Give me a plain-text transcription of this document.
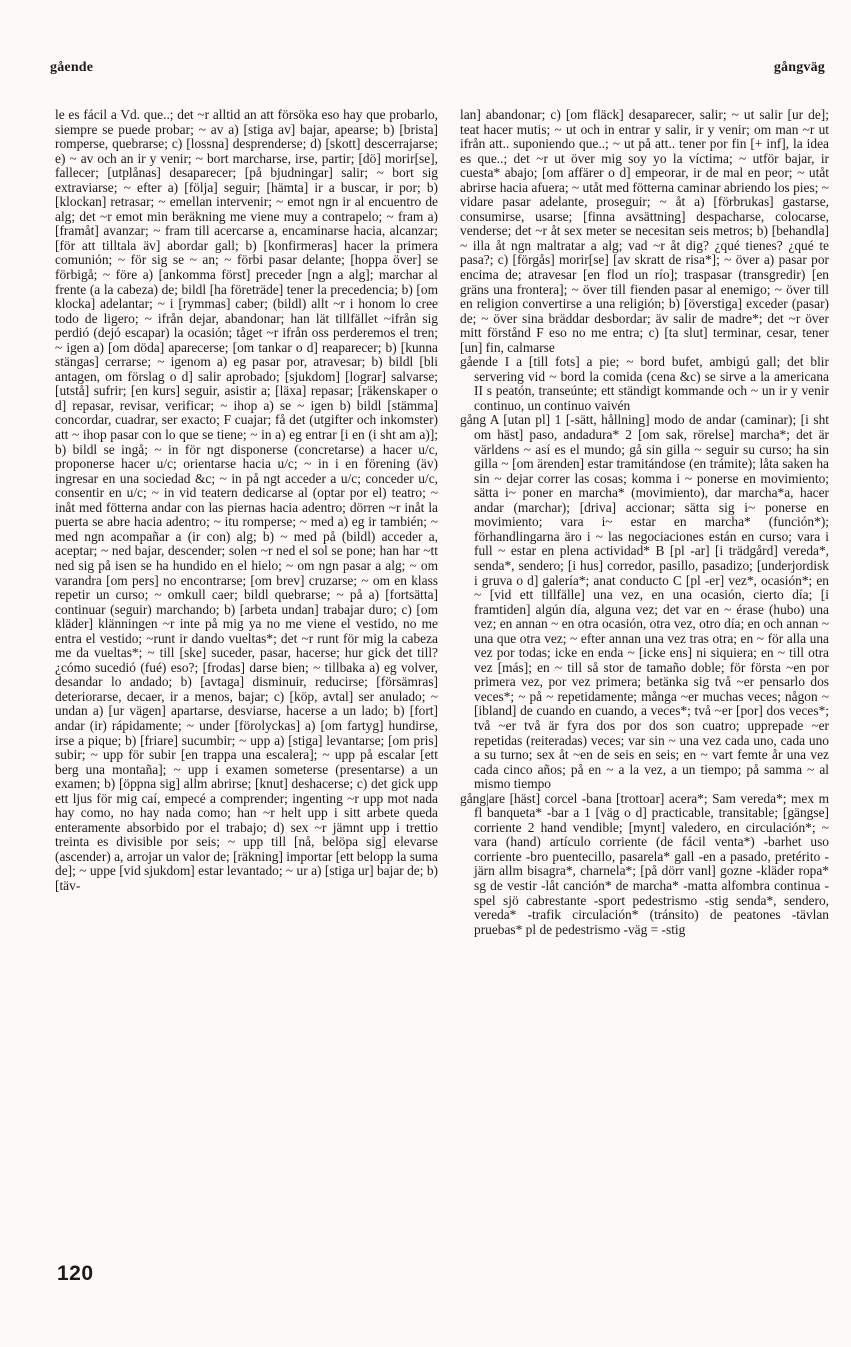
gående	gångväg

le es fácil a Vd. que..; det ~r alltid an att försöka eso hay que probarlo, siempre se puede probar; ~ av a) [stiga av] bajar, apearse; b) [brista] romperse, quebrarse; c) [lossna] desprenderse; d) [skott] descerrajarse; e) ~ av och an ir y venir; ~ bort marcharse, irse, partir; [dö] morir[se], fallecer; [utplånas] desaparecer; [på bjudningar] salir; ~ bort sig extraviarse; ~ efter a) [följa] seguir; [hämta] ir a buscar, ir por; b) [klockan] retrasar; ~ emellan intervenir; ~ emot ngn ir al encuentro de alg; det ~r emot min beräkning me viene muy a contrapelo; ~ fram a) [framåt] avanzar; ~ fram till acercarse a, encaminarse hacia, alcanzar; [för att tilltala äv] abordar gall; b) [konfirmeras] hacer la primera comunión; ~ för sig se ~ an; ~ förbi pasar delante; [hoppa över] se förbigå; ~ före a) [ankomma först] preceder [ngn a alg]; marchar al frente (a la cabeza) de; bildl [ha företräde] tener la precedencia; b) [om klocka] adelantar; ~ i [rymmas] caber; (bildl) allt ~r i honom lo cree todo de ligero; ~ ifrån dejar, abandonar; han lät tillfället ~ifrån sig perdió (dejó escapar) la ocasión; tåget ~r ifrån oss perderemos el tren; ~ igen a) [om döda] aparecerse; [om tankar o d] reaparecer; b) [kunna stängas] cerrarse; ~ igenom a) eg pasar por, atravesar; b) bildl [bli antagen, om förslag o d] salir aprobado; [sjukdom] [lograr] salvarse; [utstå] sufrir; [en kurs] seguir, asistir a; [läxa] repasar; [räkenskaper o d] repasar, revisar, verificar; ~ ihop a) se ~ igen b) bildl [stämma] concordar, cuadrar, ser exacto; F cuajar; få det (utgifter och inkomster) att ~ ihop pasar con lo que se tiene; ~ in a) eg entrar [i en (i sht am a)]; b) bildl se ingå; ~ in för ngt disponerse (concretarse) a hacer u/c, proponerse hacer u/c; orientarse hacia u/c; ~ in i en förening (äv) ingresar en una sociedad &c; ~ in på ngt acceder a u/c; conceder u/c, consentir en u/c; ~ in vid teatern dedicarse al (optar por el) teatro; ~ inåt med fötterna andar con las piernas hacia adentro; dörren ~r inåt la puerta se abre hacia adentro; ~ itu romperse; ~ med a) eg ir también; ~ med ngn acompañar a (ir con) alg; b) ~ med på (bildl) acceder a, aceptar; ~ ned bajar, descender; solen ~r ned el sol se pone; han har ~tt ned sig på isen se ha hundido en el hielo; ~ om ngn pasar a alg; ~ om varandra [om pers] no encontrarse; [om brev] cruzarse; ~ om en klass repetir un curso; ~ omkull caer; bildl quebrarse; ~ på a) [fortsätta] continuar (seguir) marchando; b) [arbeta undan] trabajar duro; c) [om kläder] klänningen ~r inte på mig ya no me viene el vestido, no me entra el vestido; ~runt ir dando vueltas*; det ~r runt för mig la cabeza me da vueltas*; ~ till [ske] suceder, pasar, hacerse; hur gick det till? ¿cómo sucedió (fué) eso?; [frodas] darse bien; ~ tillbaka a) eg volver, desandar lo andado; b) [avtaga] disminuir, reducirse; [försämras] deteriorarse, decaer, ir a menos, bajar; c) [köp, avtal] ser anulado; ~ undan a) [ur vägen] apartarse, desviarse, hacerse a un lado; b) [fort] andar (ir) rápidamente; ~ under [förolyckas] a) [om fartyg] hundirse, irse a pique; b) [friare] sucumbir; ~ upp a) [stiga] levantarse; [om pris] subir; ~ upp för subir [en trappa una escalera]; ~ upp på escalar [ett berg una montaña]; ~ upp i examen someterse (presentarse) a un examen; b) [öppna sig] allm abrirse; [knut] deshacerse; c) det gick upp ett ljus för mig caí, empecé a comprender; ingenting ~r upp mot nada hay como, no hay nada como; han ~r helt upp i sitt arbete queda enteramente absorbido por el trabajo; d) sex ~r jämnt upp i trettio treinta es divisible por seis; ~ upp till [nå, belöpa sig] elevarse (ascender) a, arrojar un valor de; [räkning] importar [ett belopp la suma de]; ~ uppe [vid sjukdom] estar levantado; ~ ur a) [stiga ur] bajar de; b) [täv-

lan] abandonar; c) [om fläck] desaparecer, salir; ~ ut salir [ur de]; teat hacer mutis; ~ ut och in entrar y salir, ir y venir; om man ~r ut ifrån att.. suponiendo que..; ~ ut på att.. tener por fin [+ inf], la idea es que..; det ~r ut över mig soy yo la víctima; ~ utför bajar, ir cuesta* abajo; [om affärer o d] empeorar, ir de mal en peor; ~ utåt abrirse hacia afuera; ~ utåt med fötterna caminar abriendo los pies; ~ vidare pasar adelante, proseguir; ~ åt a) [förbrukas] gastarse, consumirse, usarse; [finna avsättning] despacharse, colocarse, venderse; det ~r åt sex meter se necesitan seis metros; b) [behandla] ~ illa åt ngn maltratar a alg; vad ~r åt dig? ¿qué tienes? ¿qué te pasa?; c) [förgås] morir[se] [av skratt de risa*]; ~ över a) pasar por encima de; atravesar [en flod un río]; traspasar (transgredir) [en gräns una frontera]; ~ över till fienden pasar al enemigo; ~ över till en religion convertirse a una religión; b) [överstiga] exceder (pasar) de; ~ över sina bräddar desbordar; äv salir de madre*; det ~r över mitt förstånd F eso no me entra; c) [ta slut] terminar, cesar, tener [un] fin, calmarse

gående I a [till fots] a pie; ~ bord bufet, ambigú gall; det blir servering vid ~ bord la comida (cena &c) se sirve a la americana II s peatón, transeúnte; ett ständigt kommande och ~ un ir y venir continuo, un continuo vaivén

gång A [utan pl] 1 [-sätt, hållning] modo de andar (caminar); [i sht om häst] paso, andadura* 2 [om sak, rörelse] marcha*; det är världens ~ así es el mundo; gå sin gilla ~ seguir su curso; ha sin gilla ~ [om ärenden] estar tramitándose (en trámite); låta saken ha sin ~ dejar correr las cosas; komma i ~ ponerse en movimiento; sätta i~ poner en marcha* (movimiento), dar marcha*a, hacer andar (marchar); [driva] accionar; sätta sig i~ ponerse en movimiento; vara i~ estar en marcha* (función*); förhandlingarna äro i ~ las negociaciones están en curso; vara i full ~ estar en plena actividad* B [pl -ar] [i trädgård] vereda*, senda*, sendero; [i hus] corredor, pasillo, pasadizo; [underjordisk i gruva o d] galería*; anat conducto C [pl -er] vez*, ocasión*; en ~ [vid ett tillfälle] una vez, en una ocasión, cierto día; [i framtiden] algún día, alguna vez; det var en ~ érase (hubo) una vez; en annan ~ en otra ocasión, otra vez, otro día; en och annan ~ una que otra vez; ~ efter annan una vez tras otra; en ~ för alla una vez por todas; icke en enda ~ [icke ens] ni siquiera; en ~ till otra vez [más]; en ~ till så stor de tamaño doble; för första ~en por primera vez, por vez primera; betänka sig två ~er pensarlo dos veces*; ~ på ~ repetidamente; många ~er muchas veces; någon ~ [ibland] de cuando en cuando, a veces*; två ~er [por] dos veces*; två ~er två är fyra dos por dos son cuatro; upprepade ~er repetidas (reiteradas) veces; var sin ~ una vez cada uno, cada uno a su turno; sex åt ~en de seis en seis; en ~ vart femte år una vez cada cinco años; på en ~ a la vez, a un tiempo; på samma ~ al mismo tiempo

gång|are [häst] corcel -bana [trottoar] acera*; Sam vereda*; mex m fl banqueta* -bar a 1 [väg o d] practicable, transitable; [gängse] corriente 2 hand vendible; [mynt] valedero, en circulación*; ~ vara (hand) artículo corriente (de fácil venta*) -barhet uso corriente -bro puentecillo, pasarela* gall -en a pasado, pretérito -järn allm bisagra*, charnela*; [på dörr vanl] gozne -kläder ropa* sg de vestir -låt canción* de marcha* -matta alfombra continua -spel sjö cabrestante -sport pedestrismo -stig senda*, sendero, vereda* -trafik circulación* (tránsito) de peatones -tävlan pruebas* pl de pedestrismo -väg = -stig

120
